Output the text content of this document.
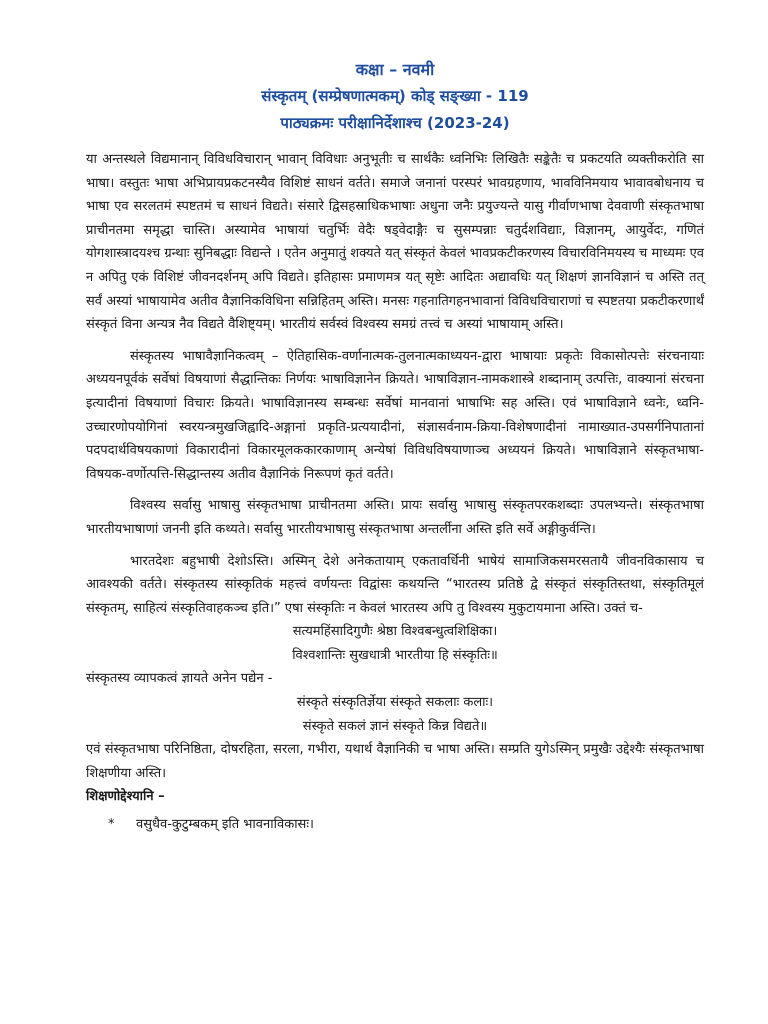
कक्षा – नवमी
संस्कृतम् (सम्प्रेषणात्मकम्) कोड् सङ्ख्या - 119
पाठ्यक्रमः परीक्षानिर्देशाश्च (2023-24)

या अन्तस्थले विद्यमानान् विविधविचारान् भावान् विविधाः अनुभूतीः च सार्थकैः ध्वनिभिः लिखितैः सङ्केतैः च प्रकटयति व्यक्तीकरोति सा भाषा। वस्तुतः भाषा अभिप्रायप्रकटनस्यैव विशिष्टं साधनं वर्तते। समाजे जनानां परस्परं भावग्रहणाय, भावविनिमयाय भावावबोधनाय च भाषा एव सरलतमं स्पष्टतमं च साधनं विद्यते। संसारे द्विसहस्राधिकभाषाः अधुना जनैः प्रयुज्यन्ते यासु गीर्वाणभाषा देववाणी संस्कृतभाषा प्राचीनतमा समृद्धा चास्ति। अस्यामेव भाषायां चतुर्भिः वेदैः षड्वेदाङ्गैः च सुसम्पन्नाः चतुर्दशविद्याः, विज्ञानम्, आयुर्वेदः, गणितं योगशास्त्रादयश्च ग्रन्थाः सुनिबद्धाः विद्यन्ते । एतेन अनुमातुं शक्यते यत् संस्कृतं केवलं भावप्रकटीकरणस्य विचारविनिमयस्य च माध्यमः एव न अपितु एकं विशिष्टं जीवनदर्शनम् अपि विद्यते। इतिहासः प्रमाणमत्र यत् सृष्टेः आदितः अद्यावधिः यत् शिक्षणं ज्ञानविज्ञानं च अस्ति तत् सर्वं अस्यां भाषायामेव अतीव वैज्ञानिकविधिना सन्निहितम् अस्ति। मनसः गहनातिगहनभावानां विविधविचाराणां च स्पष्टतया प्रकटीकरणार्थं संस्कृतं विना अन्यत्र नैव विद्यते वैशिष्ट्यम्। भारतीयं सर्वस्वं विश्वस्य समग्रं तत्त्वं च अस्यां भाषायाम् अस्ति।

संस्कृतस्य भाषावैज्ञानिकत्वम् – ऐतिहासिक-वर्णानात्मक-तुलनात्मकाध्ययन-द्वारा भाषायाः प्रकृतेः विकासोत्पत्तेः संरचनायाः अध्ययनपूर्वकं सर्वेषां विषयाणां सैद्धान्तिकः निर्णयः भाषाविज्ञानेन क्रियते। भाषाविज्ञान-नामकशास्त्रे शब्दानाम् उत्पत्तिः, वाक्यानां संरचना इत्यादीनां विषयाणां विचारः क्रियते। भाषाविज्ञानस्य सम्बन्धः सर्वेषां मानवानां भाषाभिः सह अस्ति। एवं भाषाविज्ञाने ध्वनेः, ध्वनि-उच्चारणोपयोगिनां स्वरयन्त्रमुखजिह्वादि-अङ्गानां प्रकृति-प्रत्ययादीनां, संज्ञासर्वनाम-क्रिया-विशेषणादीनां नामाख्यात-उपसर्गनिपातानां पदपदार्थविषयकाणां विकारादीनां विकारमूलककारकाणाम् अन्येषां विविधविषयाणाञ्च अध्ययनं क्रियते। भाषाविज्ञाने संस्कृतभाषा-विषयक-वर्णोत्पत्ति-सिद्धान्तस्य अतीव वैज्ञानिकं निरूपणं कृतं वर्तते।

विश्वस्य सर्वासु भाषासु संस्कृतभाषा प्राचीनतमा अस्ति। प्रायः सर्वासु भाषासु संस्कृतपरकशब्दाः उपलभ्यन्ते। संस्कृतभाषा भारतीयभाषाणां जननी इति कथ्यते। सर्वासु भारतीयभाषासु संस्कृतभाषा अन्तर्लीना अस्ति इति सर्वे अङ्गीकुर्वन्ति।

भारतदेशः बहुभाषी देशोऽस्ति। अस्मिन् देशे अनेकतायाम् एकतावर्धिनी भाषेयं सामाजिकसमरसतायै जीवनविकासाय च आवश्यकी वर्तते। संस्कृतस्य सांस्कृतिकं महत्त्वं वर्णयन्तः विद्वांसः कथयन्ति “भारतस्य प्रतिष्ठे द्वे संस्कृतं संस्कृतिस्तथा, संस्कृतिमूलं संस्कृतम्, साहित्यं संस्कृतिवाहकञ्च इति।” एषा संस्कृतिः न केवलं भारतस्य अपि तु विश्वस्य मुकुटायमाना अस्ति। उक्तं च-

सत्यमहिंसादिगुणैः श्रेष्ठा विश्वबन्धुत्वशिक्षिका।

विश्वशान्तिः सुखधात्री भारतीया हि संस्कृतिः॥

संस्कृतस्य व्यापकत्वं ज्ञायते अनेन पद्येन -

संस्कृते संस्कृतिर्ज्ञेया संस्कृते सकलाः कलाः।

संस्कृते सकलं ज्ञानं संस्कृते किन्न विद्यते॥

एवं संस्कृतभाषा परिनिष्ठिता, दोषरहिता, सरला, गभीरा, यथार्थ वैज्ञानिकी च भाषा अस्ति। सम्प्रति युगेऽस्मिन् प्रमुखैः उद्देश्यैः संस्कृतभाषा शिक्षणीया अस्ति।

शिक्षणोद्देश्यानि –

*	वसुधैव-कुटुम्बकम् इति भावनाविकासः।
